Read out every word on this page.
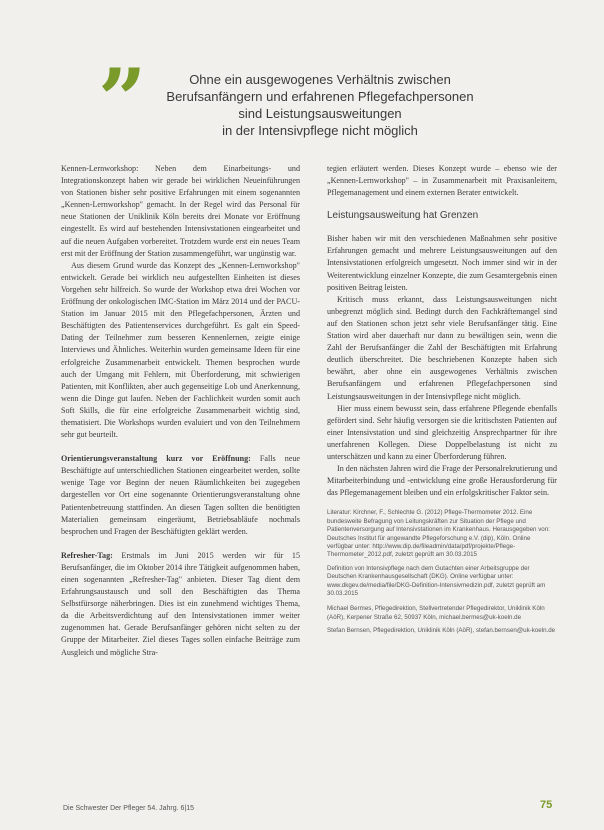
”	Ohne ein ausgewogenes Verhältnis zwischen
Berufsanfängern und erfahrenen Pflegefachpersonen
sind Leistungsausweitungen
in der Intensivpflege nicht möglich

Kennen-Lernworkshop: Neben dem Einarbeitungs- und Integrationskonzept haben wir gerade bei wirklichen Neueinführungen von Stationen bisher sehr positive Erfahrungen mit einem sogenannten „Kennen-Lernworkshop" gemacht. In der Regel wird das Personal für neue Stationen der Uniklinik Köln bereits drei Monate vor Eröffnung eingestellt. Es wird auf bestehenden Intensivstationen eingearbeitet und auf die neuen Aufgaben vorbereitet. Trotzdem wurde erst ein neues Team erst mit der Eröffnung der Station zusammengeführt, war ungünstig war.

Aus diesem Grund wurde das Konzept des „Kennen-Lernworkshop" entwickelt. Gerade bei wirklich neu aufgestellten Einheiten ist dieses Vorgehen sehr hilfreich. So wurde der Workshop etwa drei Wochen vor Eröffnung der onkologischen IMC-Station im März 2014 und der PACU-Station im Januar 2015 mit den Pflegefachpersonen, Ärzten und Beschäftigten des Patientenservices durchgeführt. Es galt ein Speed-Dating der Teilnehmer zum besseren Kennenlernen, zeigte einige Interviews und Ähnliches. Weiterhin wurden gemeinsame Ideen für eine erfolgreiche Zusammenarbeit entwickelt. Themen besprochen wurde auch der Umgang mit Fehlern, mit Überforderung, mit schwierigen Patienten, mit Konflikten, aber auch gegenseitige Lob und Anerkennung, wenn die Dinge gut laufen. Neben der Fachlichkeit wurden somit auch Soft Skills, die für eine erfolgreiche Zusammenarbeit wichtig sind, thematisiert. Die Workshops wurden evaluiert und von den Teilnehmern sehr gut beurteilt.

Orientierungsveranstaltung kurz vor Eröffnung: Falls neue Beschäftigte auf unterschiedlichen Stationen eingearbeitet werden, sollte wenige Tage vor Beginn der neuen Räumlichkeiten bei zugegeben dargestellen vor Ort eine sogenannte Orientierungsveranstaltung ohne Patientenbetreuung stattfinden. An diesen Tagen sollten die benötigten Materialien gemeinsam eingeräumt, Betriebsabläufe nochmals besprochen und Fragen der Beschäftigten geklärt werden.

Refresher-Tag: Erstmals im Juni 2015 werden wir für 15 Berufsanfänger, die im Oktober 2014 ihre Tätigkeit aufgenommen haben, einen sogenannten „Refresher-Tag" anbieten. Dieser Tag dient dem Erfahrungsaustausch und soll den Beschäftigten das Thema Selbstfürsorge näherbringen. Dies ist ein zunehmend wichtiges Thema, da die Arbeitsverdichtung auf den Intensivstationen immer weiter zugenommen hat. Gerade Berufsanfänger gehören nicht selten zu der Gruppe der Mitarbeiter. Ziel dieses Tages sollen einfache Beiträge zum Ausgleich und mögliche Stra-

tegien erläutert werden. Dieses Konzept wurde – ebenso wie der „Kennen-Lernworkshop" – in Zusammenarbeit mit Praxisanleitern, Pflegemanagement und einem externen Berater entwickelt.

Leistungsausweitung hat Grenzen

Bisher haben wir mit den verschiedenen Maßnahmen sehr positive Erfahrungen gemacht und mehrere Leistungsausweitungen auf den Intensivstationen erfolgreich umgesetzt. Noch immer sind wir in der Weiterentwicklung einzelner Konzepte, die zum Gesamtergebnis einen positiven Beitrag leisten.

Kritisch muss erkannt, dass Leistungsausweitungen nicht unbegrenzt möglich sind. Bedingt durch den Fachkräftemangel sind auf den Stationen schon jetzt sehr viele Berufsanfänger tätig. Eine Station wird aber dauerhaft nur dann zu bewältigen sein, wenn die Zahl der Berufsanfänger die Zahl der Beschäftigten mit Erfahrung deutlich überschreitet. Die beschriebenen Konzepte haben sich bewährt, aber ohne ein ausgewogenes Verhältnis zwischen Berufsanfängern und erfahrenen Pflegefachpersonen sind Leistungsausweitungen in der Intensivpflege nicht möglich.

Hier muss einem bewusst sein, dass erfahrene Pflegende ebenfalls gefördert sind. Sehr häufig versorgen sie die kritischsten Patienten auf einer Intensivstation und sind gleichzeitig Ansprechpartner für ihre unerfahrenen Kollegen. Diese Doppelbelastung ist nicht zu unterschätzen und kann zu einer Überforderung führen.

In den nächsten Jahren wird die Frage der Personalrekrutierung und Mitarbeiterbindung und -entwicklung eine große Herausforderung für das Pflegemanagement bleiben und ein erfolgskritischer Faktor sein.

Literatur: Kirchner, F., Schlechte G. (2012) Pflege-Thermometer 2012. Eine bundesweite Befragung von Leitungskräften zur Situation der Pflege und Patientenversorgung auf Intensivstationen im Krankenhaus. Herausgegeben von: Deutsches Institut für angewandte Pflegeforschung e.V. (dip), Köln. Online verfügbar unter: http://www.dip.de/fileadmin/data/pdf/projekte/Pflege-Thermometer_2012.pdf, zuletzt geprüft am 30.03.2015

Definition von Intensivpflege nach dem Gutachten einer Arbeitsgruppe der Deutschen Krankenhausgesellschaft (DKG). Online verfügbar unter: www.dkgev.de/media/file/DKG-Definition-Intensivmedizin.pdf, zuletzt geprüft am 30.03.2015

Michael Bermes, Pflegedirektion, Stellvertretender Pflegedirektor, Uniklinik Köln (AöR), Kerpener Straße 62, 50937 Köln, michael.bermes@uk-koeln.de

Stefan Bernsen, Pflegedirektion, Uniklinik Köln (AöR), stefan.bernsen@uk-koeln.de

Die Schwester Der Pfleger 54. Jahrg. 6|15	75
